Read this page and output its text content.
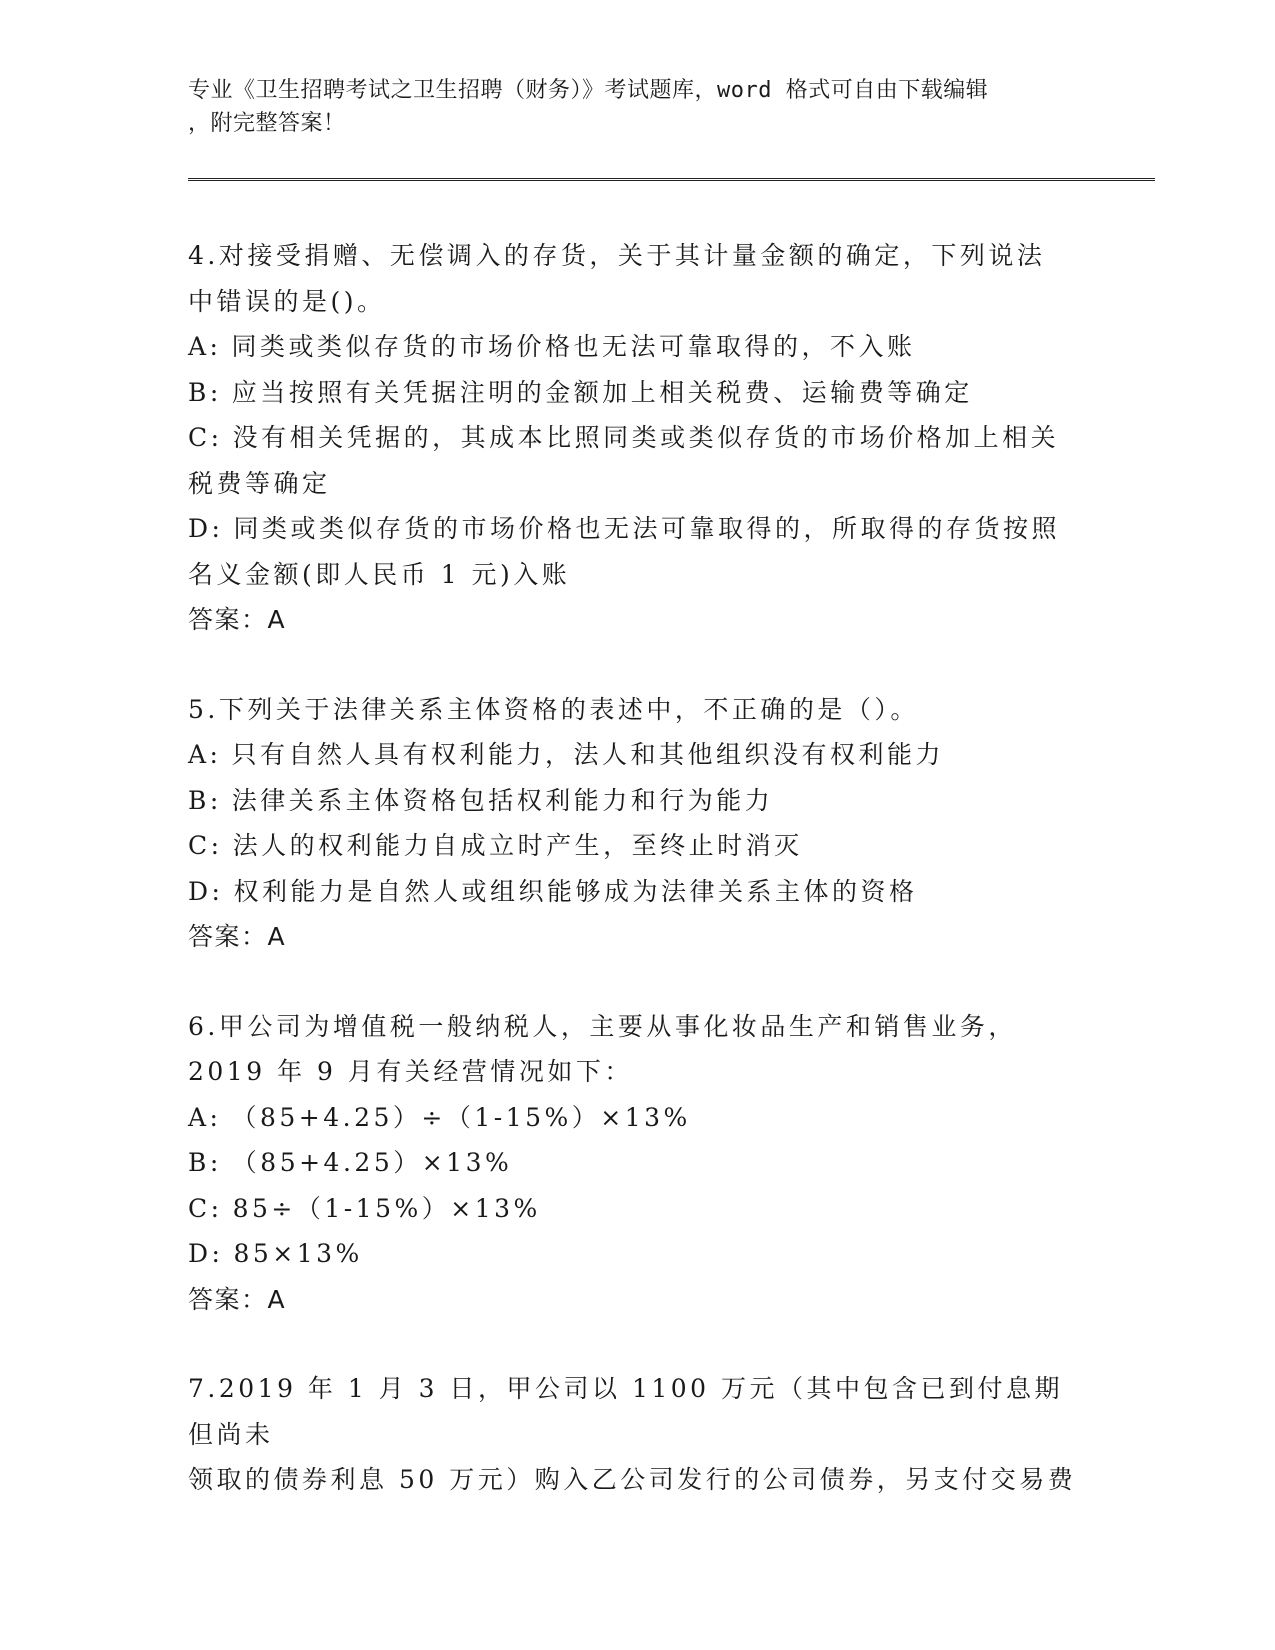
专业《卫生招聘考试之卫生招聘（财务）》考试题库，word 格式可自由下载编辑
，附完整答案！
4.对接受捐赠、无偿调入的存货，关于其计量金额的确定，下列说法
中错误的是()。
A: 同类或类似存货的市场价格也无法可靠取得的，不入账
B: 应当按照有关凭据注明的金额加上相关税费、运输费等确定
C: 没有相关凭据的，其成本比照同类或类似存货的市场价格加上相关
税费等确定
D: 同类或类似存货的市场价格也无法可靠取得的，所取得的存货按照
名义金额(即人民币 1 元)入账
答案：A
5.下列关于法律关系主体资格的表述中，不正确的是（）。
A: 只有自然人具有权利能力，法人和其他组织没有权利能力
B: 法律关系主体资格包括权利能力和行为能力
C: 法人的权利能力自成立时产生，至终止时消灭
D: 权利能力是自然人或组织能够成为法律关系主体的资格
答案：A
6.甲公司为增值税一般纳税人，主要从事化妆品生产和销售业务，
2019 年 9 月有关经营情况如下：
A: （85+4.25）÷（1-15%）×13%
B: （85+4.25）×13%
C: 85÷（1-15%）×13%
D: 85×13%
答案：A
7.2019 年 1 月 3 日，甲公司以 1100 万元（其中包含已到付息期但尚未
领取的债券利息 50 万元）购入乙公司发行的公司债券，另支付交易费
